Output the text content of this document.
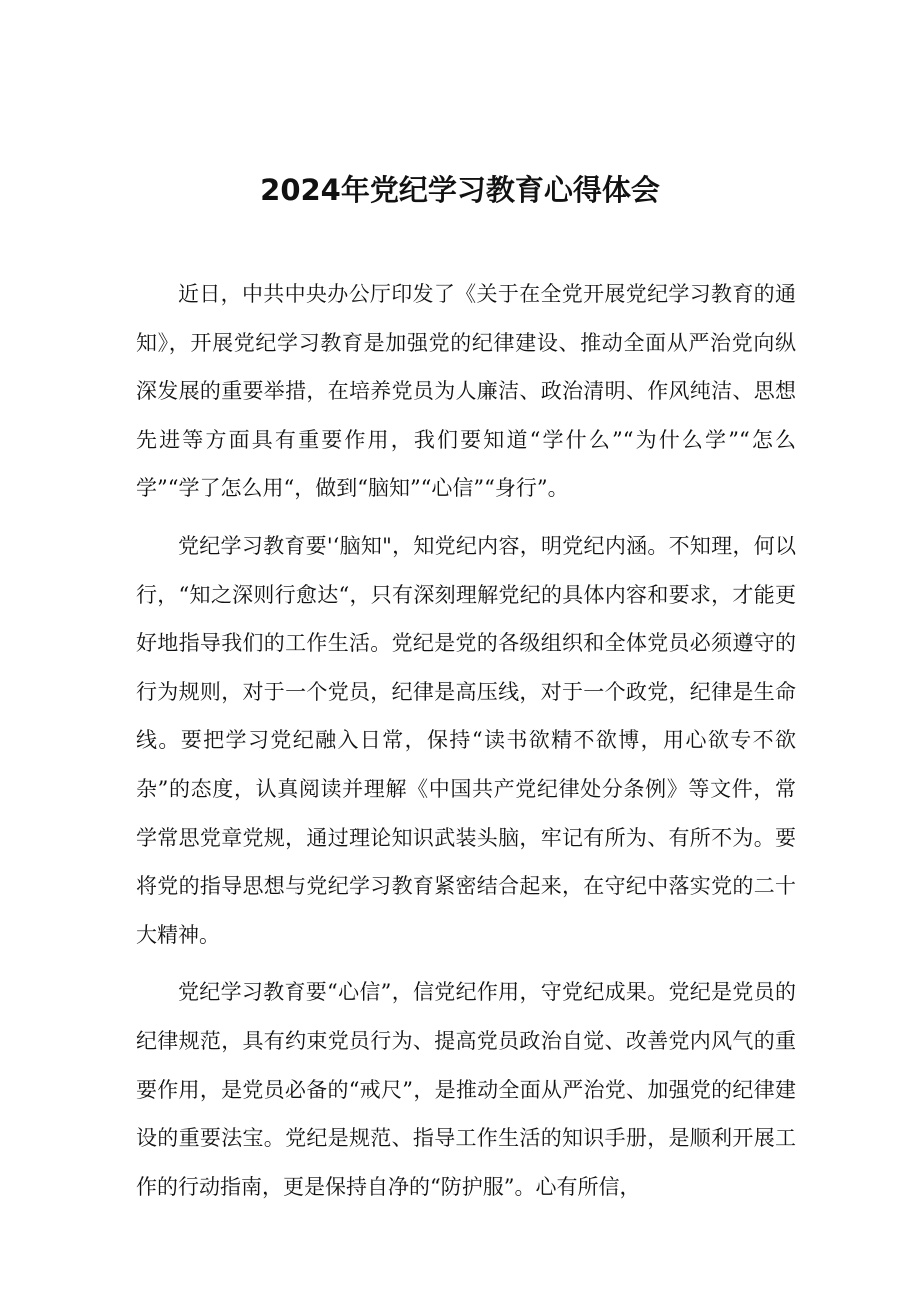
2024年党纪学习教育心得体会

近日，中共中央办公厅印发了《关于在全党开展党纪学习教育的通知》，开展党纪学习教育是加强党的纪律建设、推动全面从严治党向纵深发展的重要举措，在培养党员为人廉洁、政治清明、作风纯洁、思想先进等方面具有重要作用，我们要知道“学什么”“为什么学”“怎么学”“学了怎么用“，做到“脑知”“心信”“身行”。

党纪学习教育要'‘脑知"，知党纪内容，明党纪内涵。不知理，何以行，“知之深则行愈达“，只有深刻理解党纪的具体内容和要求，才能更好地指导我们的工作生活。党纪是党的各级组织和全体党员必须遵守的行为规则，对于一个党员，纪律是高压线，对于一个政党，纪律是生命线。要把学习党纪融入日常，保持“读书欲精不欲博，用心欲专不欲杂”的态度，认真阅读并理解《中国共产党纪律处分条例》等文件，常学常思党章党规，通过理论知识武装头脑，牢记有所为、有所不为。要将党的指导思想与党纪学习教育紧密结合起来，在守纪中落实党的二十大精神。

党纪学习教育要“心信”，信党纪作用，守党纪成果。党纪是党员的纪律规范，具有约束党员行为、提高党员政治自觉、改善党内风气的重要作用，是党员必备的“戒尺”，是推动全面从严治党、加强党的纪律建设的重要法宝。党纪是规范、指导工作生活的知识手册，是顺利开展工作的行动指南，更是保持自净的“防护服”。心有所信，
